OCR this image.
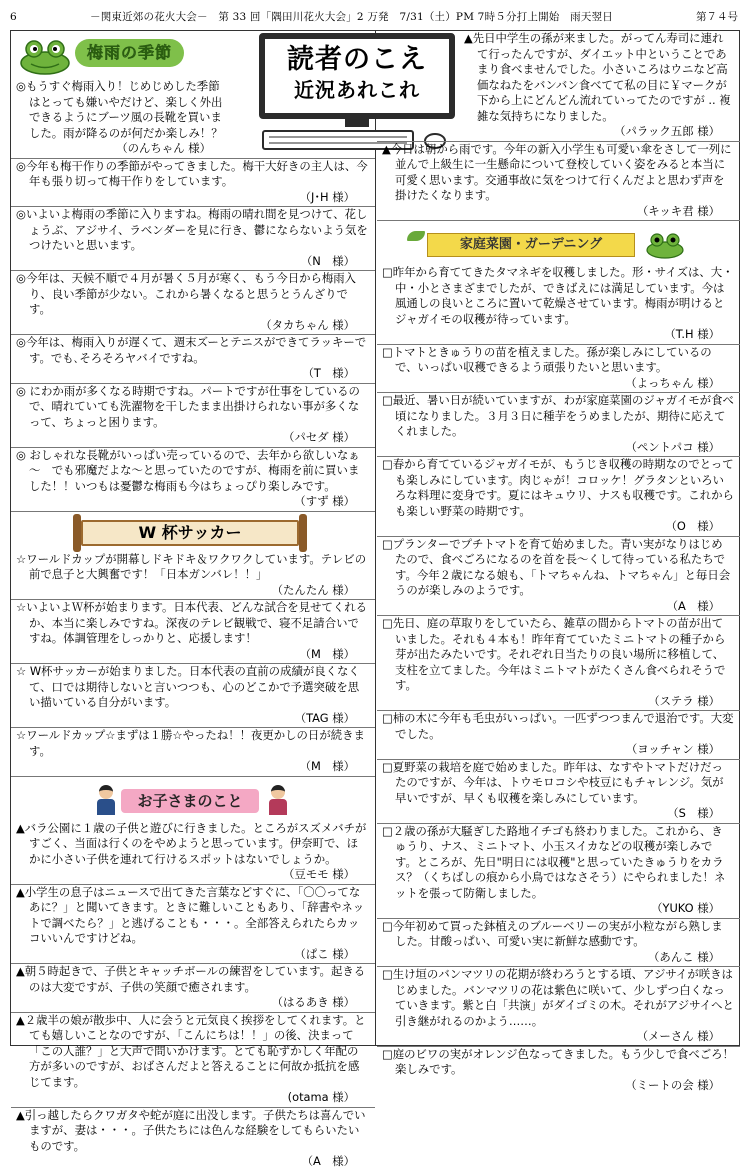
6	－関東近郊の花火大会－　第 33 回「隅田川花火大会」2 万発　7/31（土）PM 7時５分打上開始　雨天翌日	第７４号
梅雨の季節
◎もうすぐ梅雨入り！じめじめした季節はとっても嫌いやだけど、楽しく外出できるようにブーツ風の長靴を買いました。雨が降るのが何だか楽しみ！？
（のんちゃん 様）
◎今年も梅干作りの季節がやってきました。梅干大好きの主人は、今年も張り切って梅干作りをしています。
（J･H 様）
◎いよいよ梅雨の季節に入りますね。梅雨の晴れ間を見つけて、花しょうぶ、アジサイ、ラベンダーを見に行き、鬱にならないよう気をつけたいと思います。
（N　様）
◎今年は、天候不順で４月が暑く５月が寒く、もう今日から梅雨入り、良い季節が少ない。これから暑くなると思うとうんざりです。
（タカちゃん 様）
◎今年は、梅雨入りが遅くて、週末ズーとテニスができてラッキーです。でも､そろそろヤバイですね。
（T　様）
◎ にわか雨が多くなる時期ですね。パートですが仕事をしているので、晴れていても洗濯物を干したまま出掛けられない事が多くなって、ちょっと困ります。
（パセダ 様）
◎ おしゃれな長靴がいっぱい売っているので、去年から欲しいなぁ～　でも邪魔だよな～と思っていたのですが、梅雨を前に買いました！！いつもは憂鬱な梅雨も今はちょっぴり楽しみです。
（すず 様）
W 杯サッカー
☆ワールドカップが開幕しドキドキ＆ワクワクしています。テレビの前で息子と大興奮です！「日本ガンバレ！！」
（たんたん 様）
☆いよいよＷ杯が始まります。日本代表、どんな試合を見せてくれるか、本当に楽しみですね。深夜のテレビ観戦で、寝不足請合いですね。体調管理をしっかりと、応援します！
（M　様）
☆ W杯サッカーが始まりました。日本代表の直前の成績が良くなくて、口では期待しないと言いつつも、心のどこかで予選突破を思い描いている自分がいます。
（TAG 様）
☆ワールドカップ☆まずは１勝☆やったね！！夜更かしの日が続きます。
（M　様）
お子さまのこと
▲バラ公園に１歳の子供と遊びに行きました。ところがスズメバチがすごく、当面は行くのをやめようと思っています。伊奈町で、ほかに小さい子供を連れて行けるスポットはないでしょうか。
（豆モモ 様）
▲小学生の息子はニュースで出てきた言葉などすぐに、「〇〇ってなあに？」と聞いてきます。ときに難しいこともあり、「辞書やネットで調べたら？」と逃げることも・・・。全部答えられたらカッコいいんですけどね。
（ぱこ 様）
▲朝５時起きで、子供とキャッチボールの練習をしています。起きるのは大変ですが、子供の笑顔で癒されます。
（はるあき 様）
▲２歳半の娘が散歩中、人に会うと元気良く挨拶をしてくれます。とても嬉しいことなのですが、「こんにちは！！」の後、決まって「この人誰？」と大声で問いかけます。とても恥ずかしく年配の方が多いのですが、おばさんだよと答えることに何故か抵抗を感じてます。
(otama 様）
▲引っ越したらクワガタや蛇が庭に出没します。子供たちは喜んでいますが、妻は・・・。子供たちには色んな経験をしてもらいたいものです。
（A　様）
読者のこえ
近況あれこれ
▲先日中学生の孫が来ました。がってん寿司に連れて行ったんですが、ダイエット中ということであまり食べませんでした。小さいころはウニなど高価なねたをバンバン食べてて私の目に￥マークが下から上にどんどん流れていってたのですが .. 複雑な気持ちになりました。
（パラック五郎 様）
▲今日は朝から雨です。今年の新入小学生も可愛い傘をさして一列に並んで上級生に一生懸命について登校していく姿をみると本当に可愛く思います。交通事故に気をつけて行くんだよと思わず声を掛けたくなります。
（キッキ君 様）
家庭菜園・ガーデニング
□昨年から育ててきたタマネギを収穫しました。形・サイズは、大・中・小とさまざまでしたが、できばえには満足しています。今は風通しの良いところに置いて乾燥させています。梅雨が明けるとジャガイモの収穫が待っています。
（T.H 様）
□トマトときゅうりの苗を植えました。孫が楽しみにしているので、いっぱい収穫できるよう頑張りたいと思います。
（よっちゃん 様）
□最近、暑い日が続いていますが、わが家庭菜園のジャガイモが食べ頃になりました。３月３日に種芋をうめましたが、期待に応えてくれました。
（ペントパコ 様）
□春から育てているジャガイモが、もうじき収穫の時期なのでとっても楽しみにしています。肉じゃが！コロッケ！グラタンといろいろな料理に変身です。夏にはキュウリ、ナスも収穫です。これからも楽しい野菜の時期です。
（O　様）
□プランターでプチトマトを育て始めました。青い実がなりはじめたので、食べごろになるのを首を長～くして待っている私たちです。今年２歳になる娘も、「トマちゃんね、トマちゃん」と毎日会うのが楽しみのようです。
（A　様）
□先日、庭の草取りをしていたら、雑草の間からトマトの苗が出ていました。それも４本も！昨年育てていたミニトマトの種子から芽が出たみたいです。それぞれ日当たりの良い場所に移植して、支柱を立てました。今年はミニトマトがたくさん食べられそうです。
（ステラ 様）
□柿の木に今年も毛虫がいっぱい。一匹ずつつまんで退治です。大変でした。
（ヨッチャン 様）
□夏野菜の栽培を庭で始めました。昨年は、なすやトマトだけだったのですが、今年は、トウモロコシや枝豆にもチャレンジ。気が早いですが、早くも収穫を楽しみにしています。
（S　様）
□２歳の孫が大騒ぎした路地イチゴも終わりました。これから、きゅうり、ナス、ミニトマト、小玉スイカなどの収穫が楽しみです。ところが、先日"明日には収穫"と思っていたきゅうりをカラス？（くちばしの痕から小鳥ではなさそう）にやられました！ネットを張って防衛しました。
（YUKO 様）
□今年初めて買った鉢植えのブルーベリーの実が小粒ながら熟しました。甘酸っぱい、可愛い実に新鮮な感動です。
（あんこ 様）
□生け垣のバンマツリの花期が終わろうとする頃、アジサイが咲きはじめました。バンマツリの花は紫色に咲いて、少しずつ白くなっていきます。紫と白「共演」がダイゴミの木。それがアジサイへと引き継がれるのかよう……。
（メーさん 様）
□庭のビワの実がオレンジ色なってきました。もう少しで食べごろ！楽しみです。
（ミートの会 様）
